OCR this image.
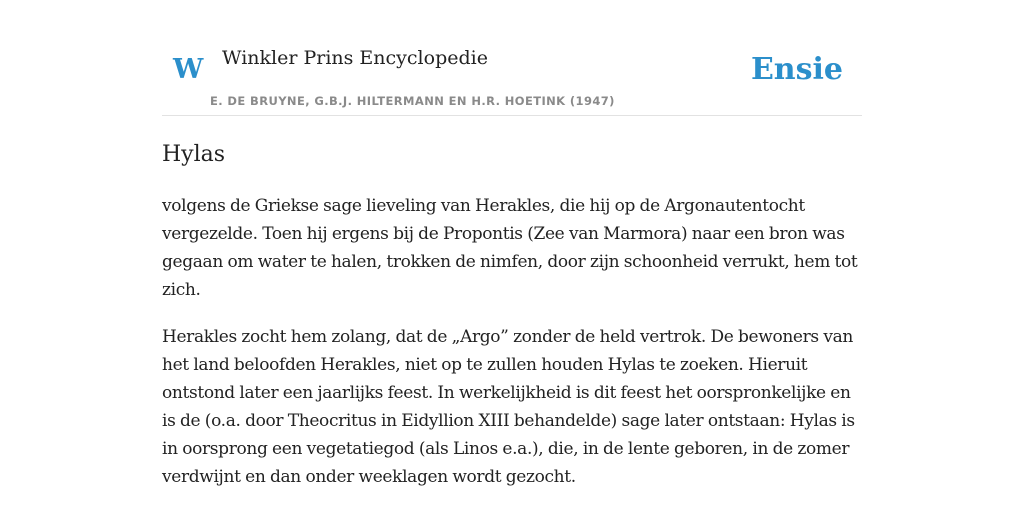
W Winkler Prins Encyclopedie
E. DE BRUYNE, G.B.J. HILTERMANN EN H.R. HOETINK (1947)
Ensie
Hylas

volgens de Griekse sage lieveling van Herakles, die hij op de Argonautentocht vergezelde. Toen hij ergens bij de Propontis (Zee van Marmora) naar een bron was gegaan om water te halen, trokken de nimfen, door zijn schoonheid verrukt, hem tot zich.

Herakles zocht hem zolang, dat de „Argo” zonder de held vertrok. De bewoners van het land beloofden Herakles, niet op te zullen houden Hylas te zoeken. Hieruit ontstond later een jaarlijks feest. In werkelijkheid is dit feest het oorspronkelijke en is de (o.a. door Theocritus in Eidyllion XIII behandelde) sage later ontstaan: Hylas is in oorsprong een vegetatiegod (als Linos e.a.), die, in de lente geboren, in de zomer verdwijnt en dan onder weeklagen wordt gezocht.
